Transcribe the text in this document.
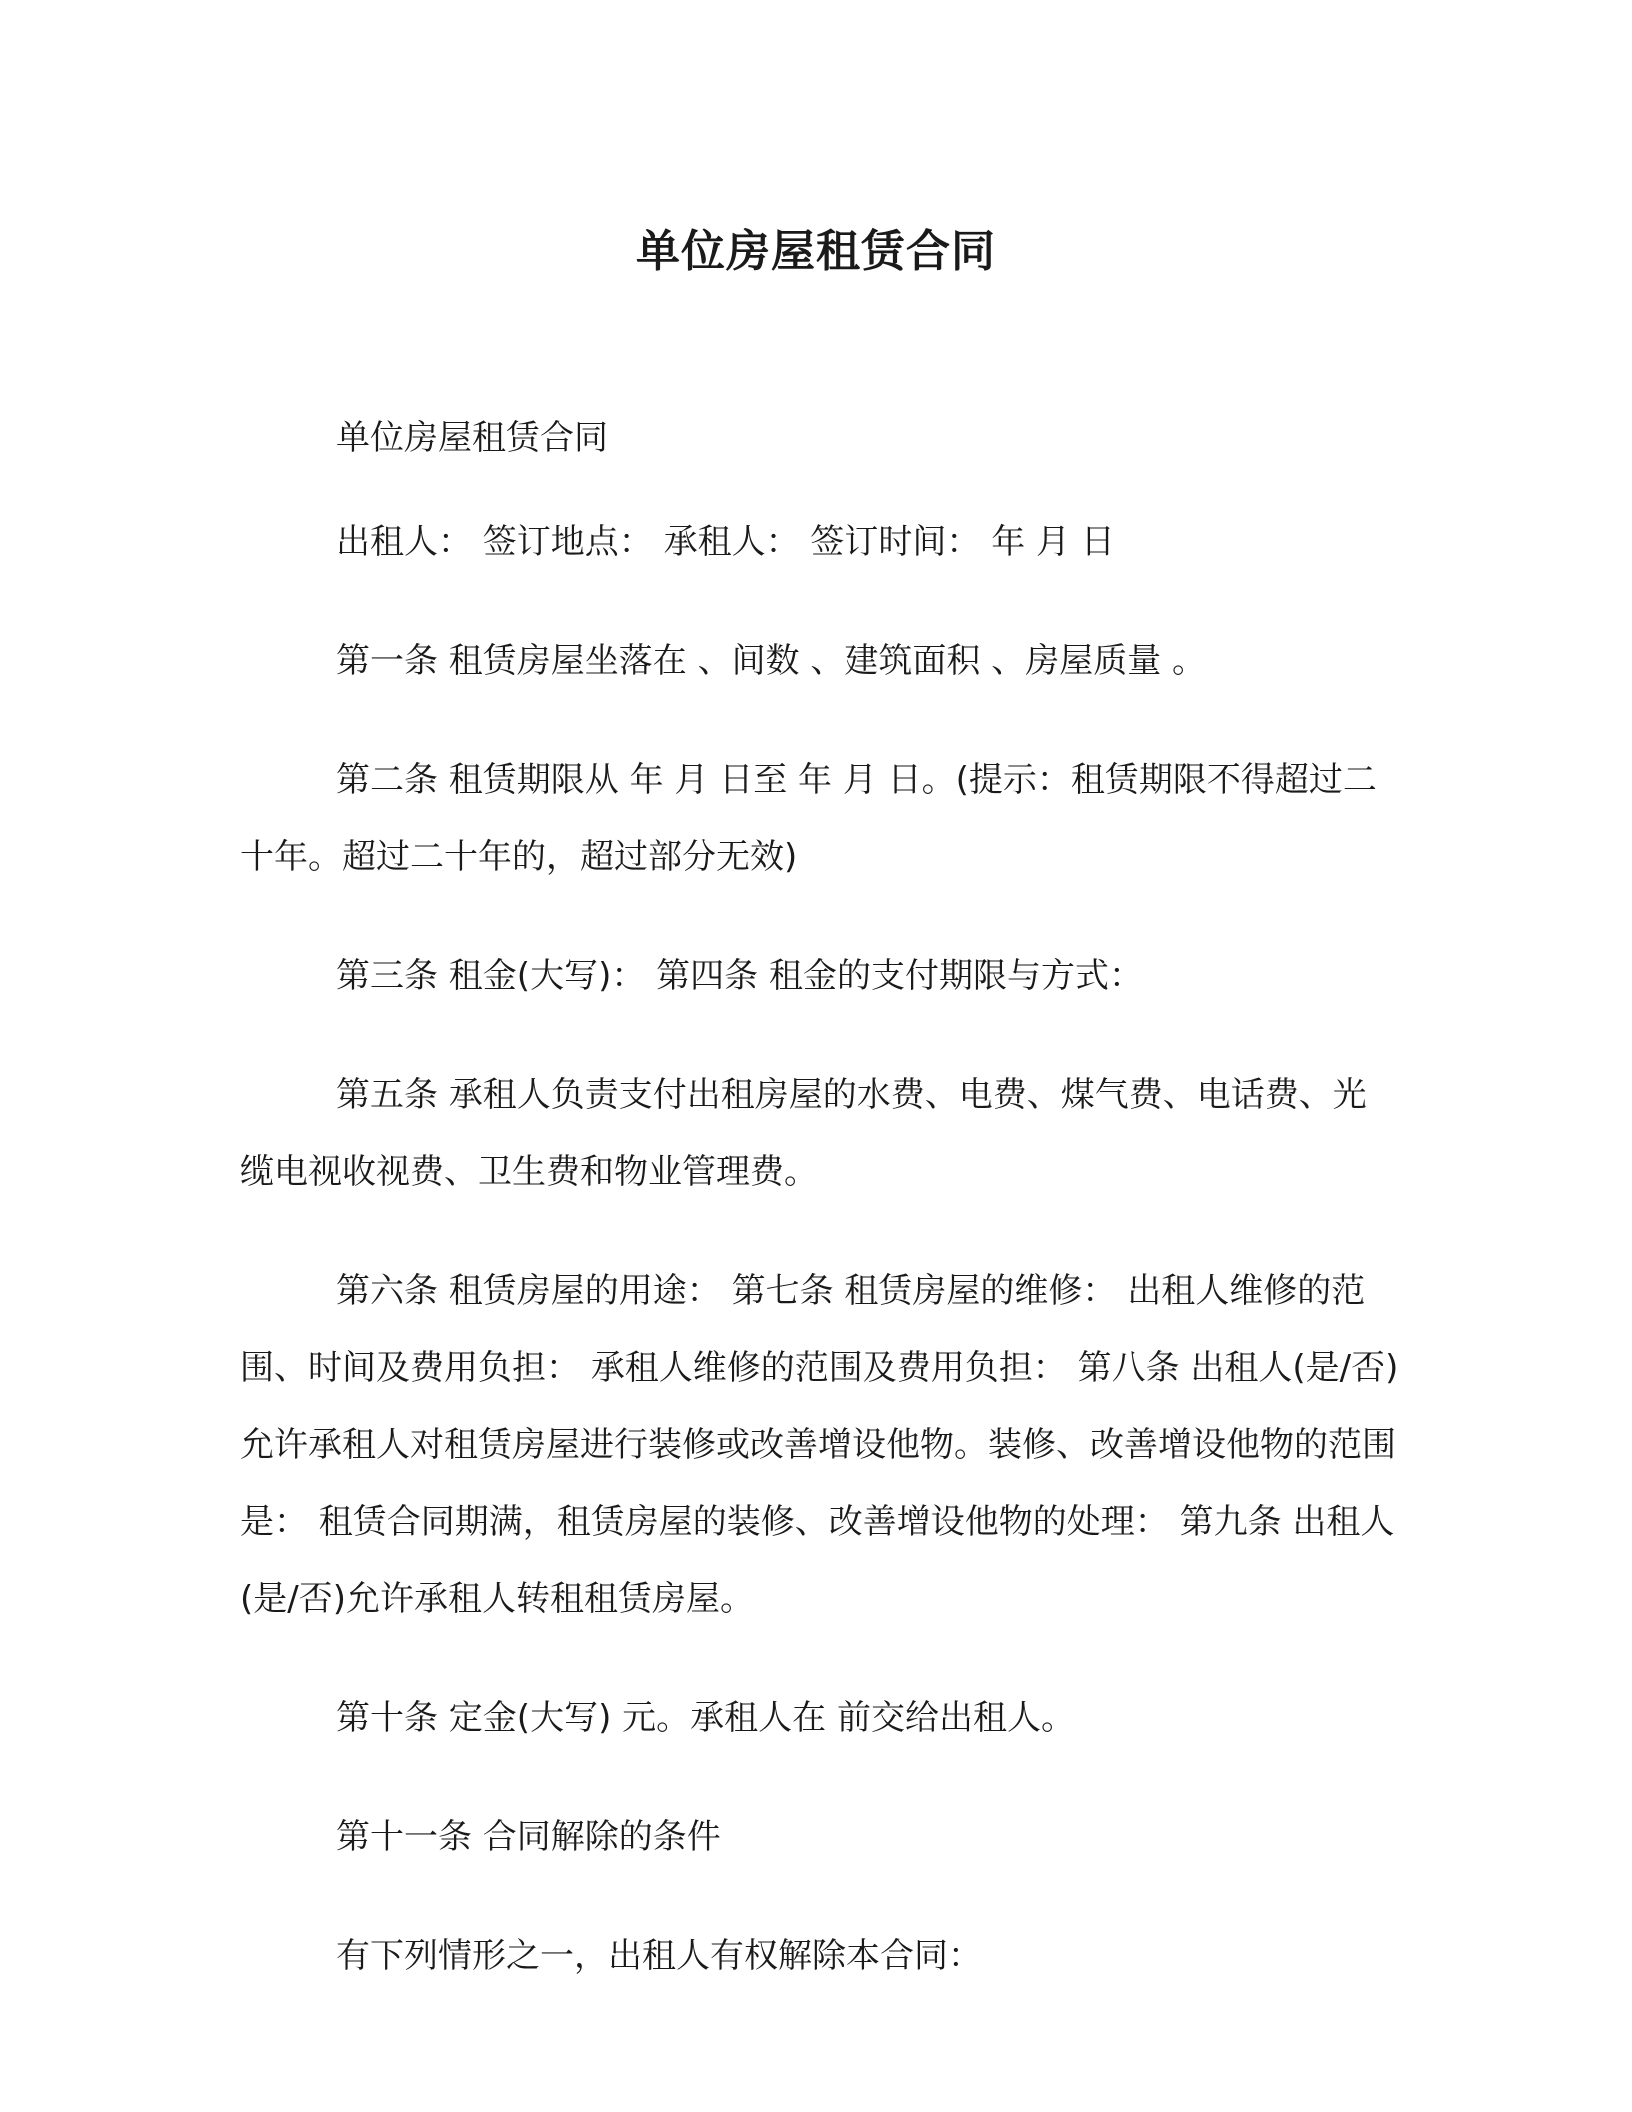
单位房屋租赁合同

单位房屋租赁合同

出租人： 签订地点： 承租人： 签订时间： 年 月 日

第一条 租赁房屋坐落在 、间数 、建筑面积 、房屋质量 。

第二条 租赁期限从 年 月 日至 年 月 日。(提示：租赁期限不得超过二十年。超过二十年的，超过部分无效)

第三条 租金(大写)： 第四条 租金的支付期限与方式：

第五条 承租人负责支付出租房屋的水费、电费、煤气费、电话费、光缆电视收视费、卫生费和物业管理费。

第六条 租赁房屋的用途： 第七条 租赁房屋的维修： 出租人维修的范围、时间及费用负担： 承租人维修的范围及费用负担： 第八条 出租人(是/否)允许承租人对租赁房屋进行装修或改善增设他物。装修、改善增设他物的范围是： 租赁合同期满，租赁房屋的装修、改善增设他物的处理： 第九条 出租人(是/否)允许承租人转租租赁房屋。

第十条 定金(大写) 元。承租人在 前交给出租人。

第十一条 合同解除的条件

有下列情形之一，出租人有权解除本合同：
